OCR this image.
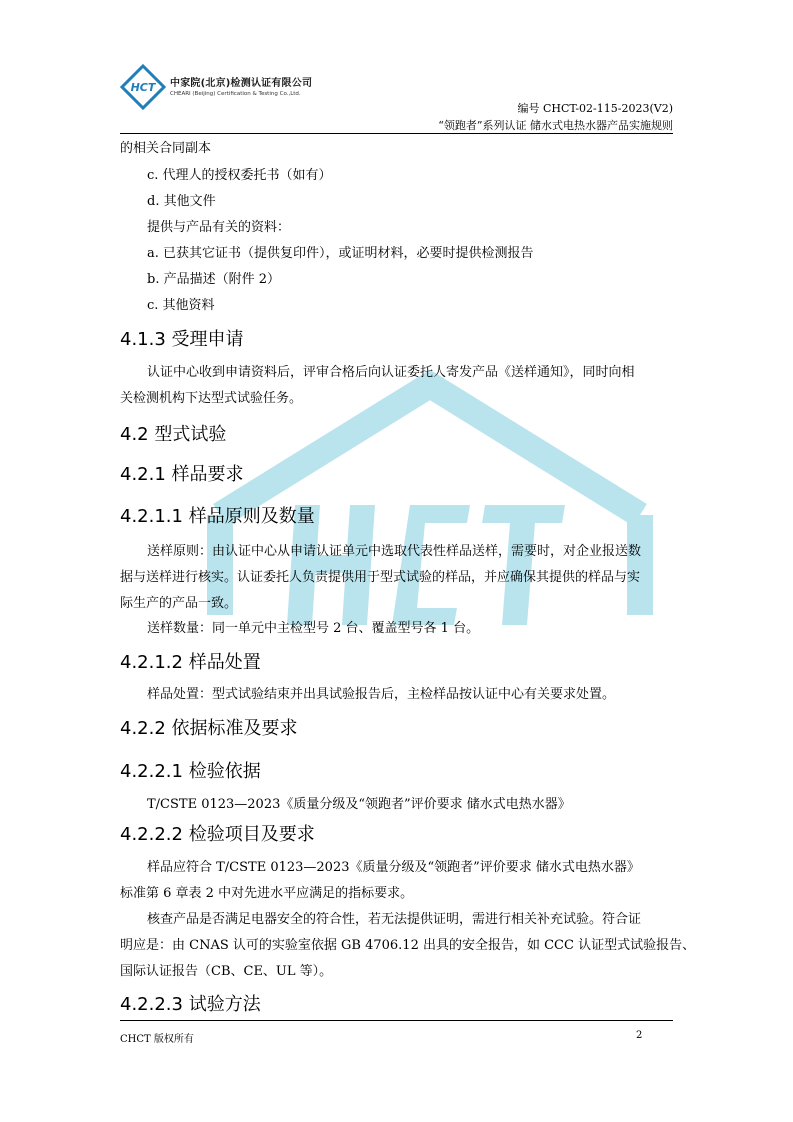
HCT 中家院(北京)检测认证有限公司
CHEARI (Beijing) Certification & Testing Co.,Ltd.
编号 CHCT-02-115-2023(V2)
“领跑者”系列认证 储水式电热水器产品实施规则
的相关合同副本
c. 代理人的授权委托书（如有）
d. 其他文件
提供与产品有关的资料：
a. 已获其它证书（提供复印件），或证明材料，必要时提供检测报告
b. 产品描述（附件 2）
c. 其他资料
4.1.3 受理申请
认证中心收到申请资料后，评审合格后向认证委托人寄发产品《送样通知》，同时向相
关检测机构下达型式试验任务。
4.2 型式试验
4.2.1 样品要求
4.2.1.1 样品原则及数量
送样原则：由认证中心从申请认证单元中选取代表性样品送样，需要时，对企业报送数
据与送样进行核实。认证委托人负责提供用于型式试验的样品，并应确保其提供的样品与实
际生产的产品一致。
送样数量：同一单元中主检型号 2 台、覆盖型号各 1 台。
4.2.1.2 样品处置
样品处置：型式试验结束并出具试验报告后，主检样品按认证中心有关要求处置。
4.2.2 依据标准及要求
4.2.2.1 检验依据
T/CSTE 0123—2023《质量分级及“领跑者”评价要求 储水式电热水器》
4.2.2.2 检验项目及要求
样品应符合 T/CSTE 0123—2023《质量分级及“领跑者”评价要求 储水式电热水器》
标准第 6 章表 2 中对先进水平应满足的指标要求。
核查产品是否满足电器安全的符合性，若无法提供证明，需进行相关补充试验。符合证
明应是：由 CNAS 认可的实验室依据 GB 4706.12 出具的安全报告，如 CCC 认证型式试验报告、
国际认证报告（CB、CE、UL 等）。
4.2.2.3 试验方法
CHCT 版权所有	2
